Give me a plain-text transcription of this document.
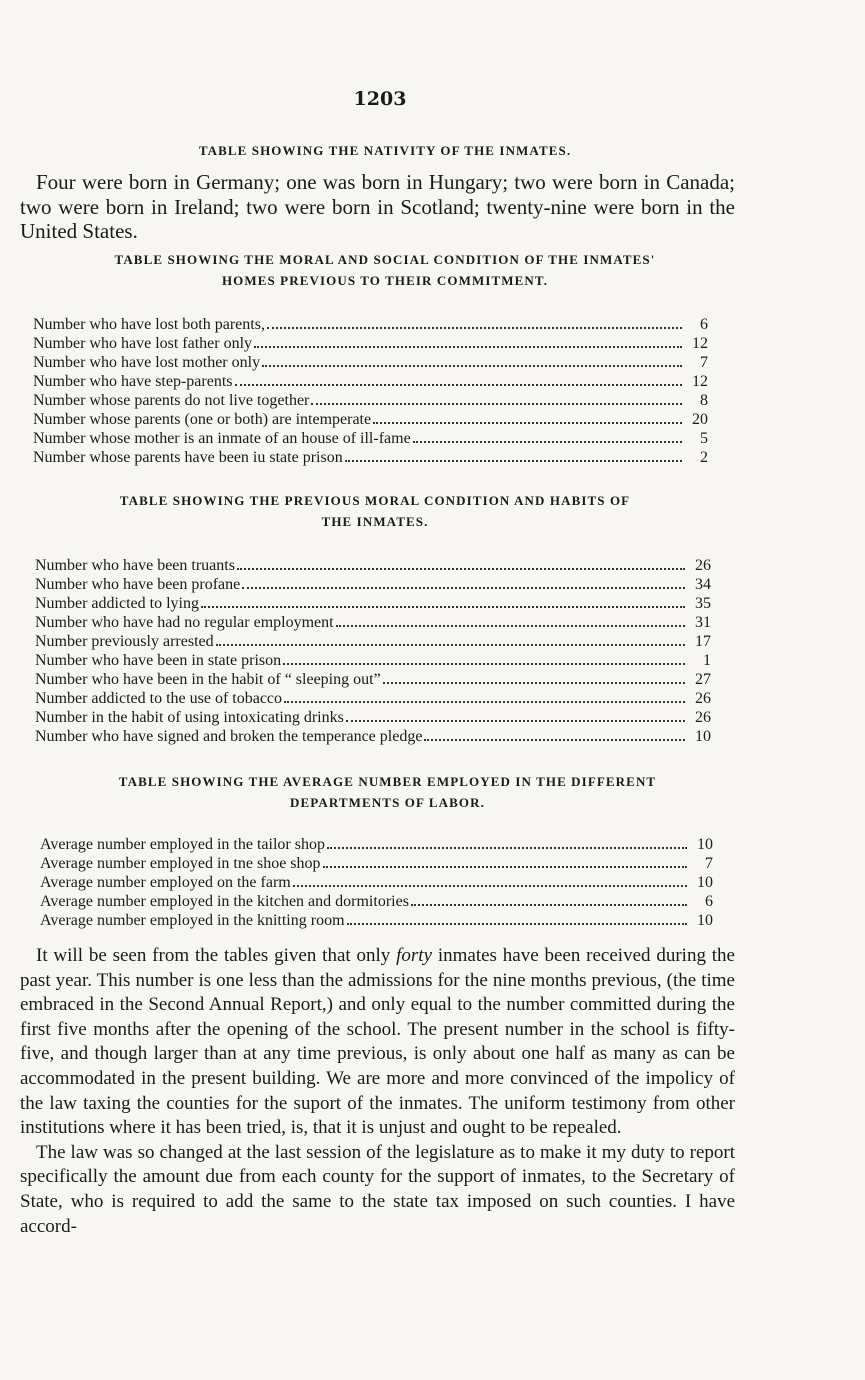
1203
TABLE SHOWING THE NATIVITY OF THE INMATES.
Four were born in Germany; one was born in Hungary; two were born in Canada; two were born in Ireland; two were born in Scotland; twenty-nine were born in the United States.
TABLE SHOWING THE MORAL AND SOCIAL CONDITION OF THE INMATES'
HOMES PREVIOUS TO THEIR COMMITMENT.
Number who have lost both parents,	6
Number who have lost father only	12
Number who have lost mother only	7
Number who have step-parents	12
Number whose parents do not live together	8
Number whose parents (one or both) are intemperate	20
Number whose mother is an inmate of an house of ill-fame	5
Number whose parents have been iu state prison	2
TABLE SHOWING THE PREVIOUS MORAL CONDITION AND HABITS OF
THE INMATES.
Number who have been truants	26
Number who have been profane	34
Number addicted to lying	35
Number who have had no regular employment	31
Number previously arrested	17
Number who have been in state prison	1
Number who have been in the habit of “ sleeping out”	27
Number addicted to the use of tobacco	26
Number in the habit of using intoxicating drinks	26
Number who have signed and broken the temperance pledge	10
TABLE SHOWING THE AVERAGE NUMBER EMPLOYED IN THE DIFFERENT
DEPARTMENTS OF LABOR.
Average number employed in the tailor shop	10
Average number employed in tne shoe shop	7
Average number employed on the farm	10
Average number employed in the kitchen and dormitories	6
Average number employed in the knitting room	10

It will be seen from the tables given that only forty inmates have been received during the past year. This number is one less than the admissions for the nine months previous, (the time embraced in the Second Annual Report,) and only equal to the number committed during the first five months after the opening of the school. The present number in the school is fifty-five, and though larger than at any time previous, is only about one half as many as can be accommodated in the present building. We are more and more convinced of the impolicy of the law taxing the counties for the suport of the inmates. The uniform testimony from other institutions where it has been tried, is, that it is unjust and ought to be repealed.

The law was so changed at the last session of the legislature as to make it my duty to report specifically the amount due from each county for the support of inmates, to the Secretary of State, who is required to add the same to the state tax imposed on such counties. I have accord-
